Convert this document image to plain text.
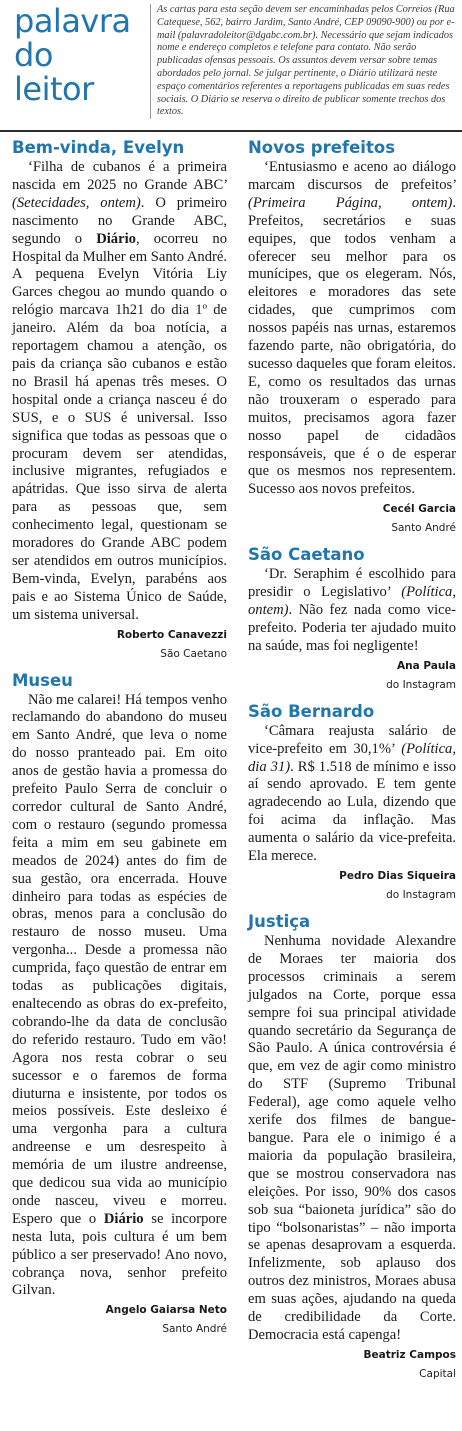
palavra
do leitor
As cartas para esta seção devem ser encaminhadas pelos Correios (Rua Catequese, 562, bairro Jardim, Santo André, CEP 09090-900) ou por e-mail (palavradoleitor@dgabc.com.br). Necessário que sejam indicados nome e endereço completos e telefone para contato. Não serão publicadas ofensas pessoais. Os assuntos devem versar sobre temas abordados pelo jornal. Se julgar pertinente, o Diário utilizará neste espaço comentários referentes a reportagens publicadas em suas redes sociais. O Diário se reserva o direito de publicar somente trechos dos textos.
Bem-vinda, Evelyn

‘Filha de cubanos é a primeira nascida em 2025 no Grande ABC’ (Setecidades, ontem). O primeiro nascimento no Grande ABC, segundo o Diário, ocorreu no Hospital da Mulher em Santo André. A pequena Evelyn Vitória Liy Garces chegou ao mundo quando o relógio marcava 1h21 do dia 1º de janeiro. Além da boa notícia, a reportagem chamou a atenção, os pais da criança são cubanos e estão no Brasil há apenas três meses. O hospital onde a criança nasceu é do SUS, e o SUS é universal. Isso significa que todas as pessoas que o procuram devem ser atendidas, inclusive migrantes, refugiados e apátridas. Que isso sirva de alerta para as pessoas que, sem conhecimento legal, questionam se moradores do Grande ABC podem ser atendidos em outros municípios. Bem-vinda, Evelyn, parabéns aos pais e ao Sistema Único de Saúde, um sistema universal.

Roberto Canavezzi
São Caetano
Museu

Não me calarei! Há tempos venho reclamando do abandono do museu em Santo André, que leva o nome do nosso pranteado pai. Em oito anos de gestão havia a promessa do prefeito Paulo Serra de concluir o corredor cultural de Santo André, com o restauro (segundo promessa feita a mim em seu gabinete em meados de 2024) antes do fim de sua gestão, ora encerrada. Houve dinheiro para todas as espécies de obras, menos para a conclusão do restauro de nosso museu. Uma vergonha... Desde a promessa não cumprida, faço questão de entrar em todas as publicações digitais, enaltecendo as obras do ex-prefeito, cobrando-lhe da data de conclusão do referido restauro. Tudo em vão! Agora nos resta cobrar o seu sucessor e o faremos de forma diuturna e insistente, por todos os meios possíveis. Este desleixo é uma vergonha para a cultura andreense e um desrespeito à memória de um ilustre andreense, que dedicou sua vida ao município onde nasceu, viveu e morreu. Espero que o Diário se incorpore nesta luta, pois cultura é um bem público a ser preservado! Ano novo, cobrança nova, senhor prefeito Gilvan.

Angelo Gaiarsa Neto
Santo André
Novos prefeitos

‘Entusiasmo e aceno ao diálogo marcam discursos de prefeitos’ (Primeira Página, ontem). Prefeitos, secretários e suas equipes, que todos venham a oferecer seu melhor para os munícipes, que os elegeram. Nós, eleitores e moradores das sete cidades, que cumprimos com nossos papéis nas urnas, estaremos fazendo parte, não obrigatória, do sucesso daqueles que foram eleitos. E, como os resultados das urnas não trouxeram o esperado para muitos, precisamos agora fazer nosso papel de cidadãos responsáveis, que é o de esperar que os mesmos nos representem. Sucesso aos novos prefeitos.

Cecél Garcia
Santo André
São Caetano

‘Dr. Seraphim é escolhido para presidir o Legislativo’ (Política, ontem). Não fez nada como vice-prefeito. Poderia ter ajudado muito na saúde, mas foi negligente!

Ana Paula
do Instagram
São Bernardo

‘Câmara reajusta salário de vice-prefeito em 30,1%’ (Política, dia 31). R$ 1.518 de mínimo e isso aí sendo aprovado. E tem gente agradecendo ao Lula, dizendo que foi acima da inflação. Mas aumenta o salário da vice-prefeita. Ela merece.

Pedro Dias Siqueira
do Instagram
Justiça

Nenhuma novidade Alexandre de Moraes ter maioria dos processos criminais a serem julgados na Corte, porque essa sempre foi sua principal atividade quando secretário da Segurança de São Paulo. A única controvérsia é que, em vez de agir como ministro do STF (Supremo Tribunal Federal), age como aquele velho xerife dos filmes de bangue-bangue. Para ele o inimigo é a maioria da população brasileira, que se mostrou conservadora nas eleições. Por isso, 90% dos casos sob sua “baioneta jurídica” são do tipo “bolsonaristas” – não importa se apenas desaprovam a esquerda. Infelizmente, sob aplauso dos outros dez ministros, Moraes abusa em suas ações, ajudando na queda de credibilidade da Corte. Democracia está capenga!

Beatriz Campos
Capital
